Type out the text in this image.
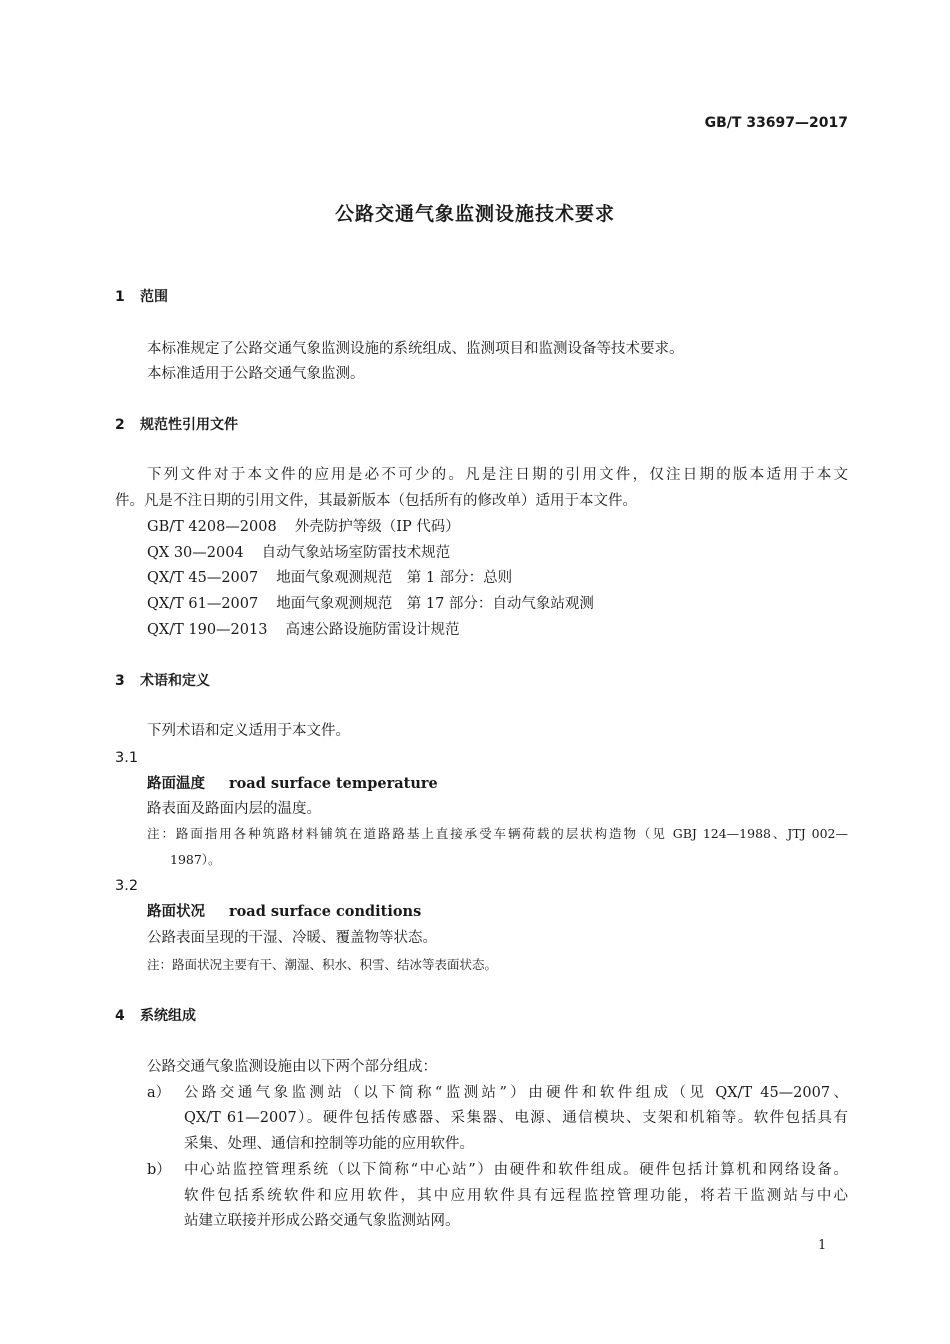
GB/T 33697—2017
公路交通气象监测设施技术要求
1 范围
本标准规定了公路交通气象监测设施的系统组成、监测项目和监测设备等技术要求。
本标准适用于公路交通气象监测。
2 规范性引用文件
下列文件对于本文件的应用是必不可少的。凡是注日期的引用文件，仅注日期的版本适用于本文
件。凡是不注日期的引用文件，其最新版本（包括所有的修改单）适用于本文件。
GB/T 4208—2008 外壳防护等级（IP 代码）
QX 30—2004 自动气象站场室防雷技术规范
QX/T 45—2007 地面气象观测规范　第 1 部分：总则
QX/T 61—2007 地面气象观测规范　第 17 部分：自动气象站观测
QX/T 190—2013 高速公路设施防雷设计规范
3 术语和定义
下列术语和定义适用于本文件。
3.1
路面温度 road surface temperature
路表面及路面内层的温度。
注：路面指用各种筑路材料铺筑在道路路基上直接承受车辆荷载的层状构造物（见 GBJ 124—1988、JTJ 002—
1987）。
3.2
路面状况 road surface conditions
公路表面呈现的干湿、冷暖、覆盖物等状态。
注：路面状况主要有干、潮湿、积水、积雪、结冰等表面状态。
4 系统组成
公路交通气象监测设施由以下两个部分组成：
a） 公路交通气象监测站（以下简称“监测站”）由硬件和软件组成（见 QX/T 45—2007、
QX/T 61—2007）。硬件包括传感器、采集器、电源、通信模块、支架和机箱等。软件包括具有
采集、处理、通信和控制等功能的应用软件。
b） 中心站监控管理系统（以下简称“中心站”）由硬件和软件组成。硬件包括计算机和网络设备。
软件包括系统软件和应用软件，其中应用软件具有远程监控管理功能，将若干监测站与中心
站建立联接并形成公路交通气象监测站网。
1
